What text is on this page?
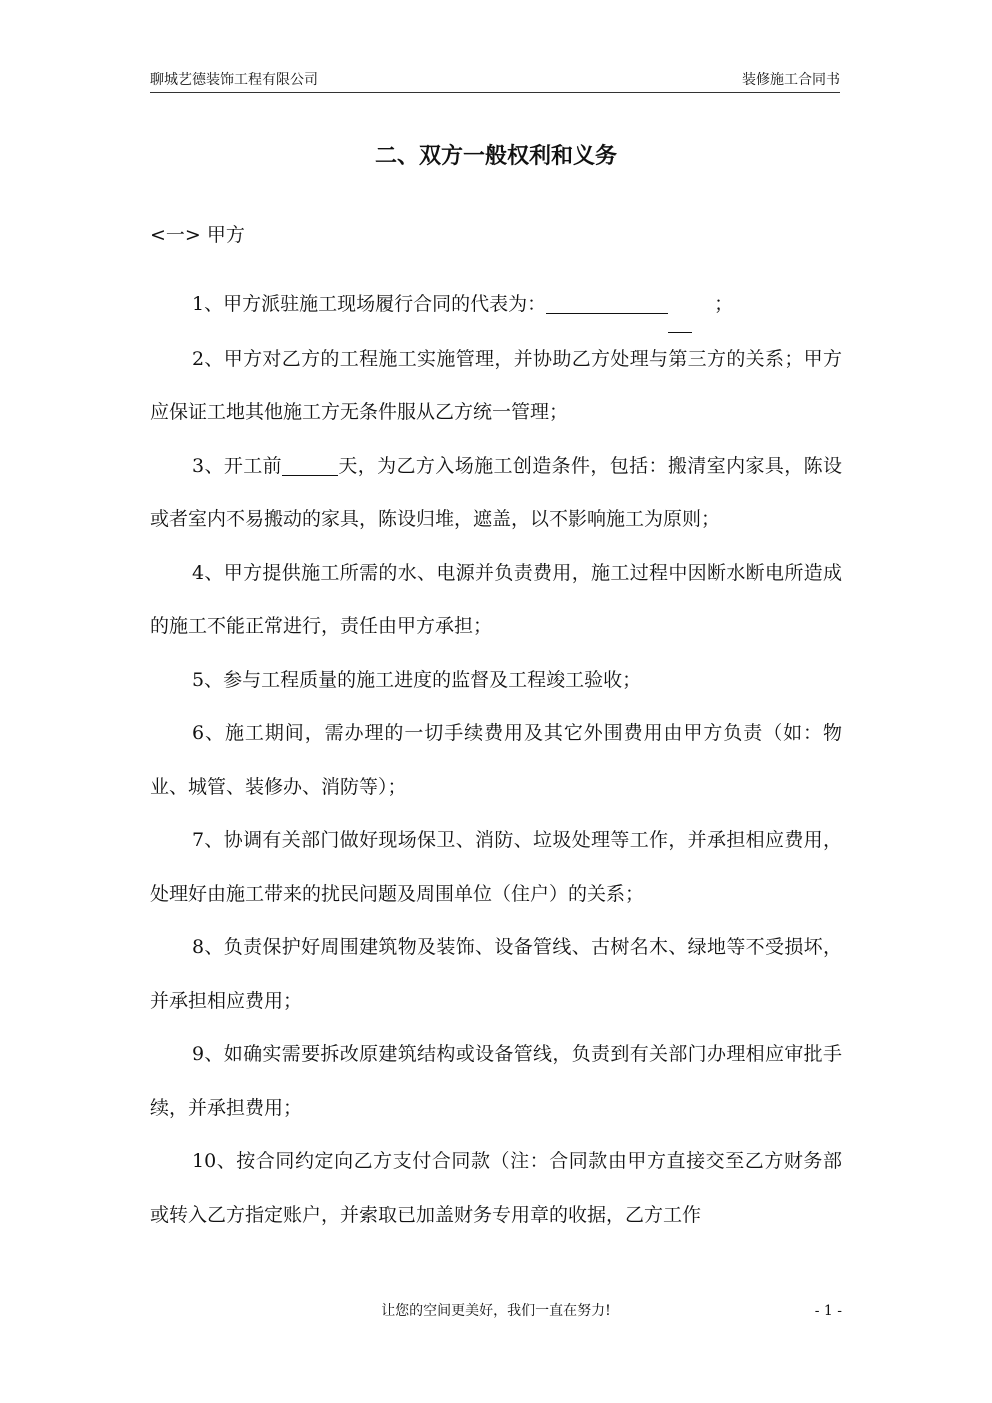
聊城艺德装饰工程有限公司	装修施工合同书
二、双方一般权利和义务
<一> 甲方

1、甲方派驻施工现场履行合同的代表为：	；

2、甲方对乙方的工程施工实施管理，并协助乙方处理与第三方的关系；甲方应保证工地其他施工方无条件服从乙方统一管理；

3、开工前	天，为乙方入场施工创造条件，包括：搬清室内家具，陈设或者室内不易搬动的家具，陈设归堆，遮盖，以不影响施工为原则；

4、甲方提供施工所需的水、电源并负责费用，施工过程中因断水断电所造成的施工不能正常进行，责任由甲方承担；

5、参与工程质量的施工进度的监督及工程竣工验收；

6、施工期间，需办理的一切手续费用及其它外围费用由甲方负责（如：物业、城管、装修办、消防等）；

7、协调有关部门做好现场保卫、消防、垃圾处理等工作，并承担相应费用，处理好由施工带来的扰民问题及周围单位（住户）的关系；

8、负责保护好周围建筑物及装饰、设备管线、古树名木、绿地等不受损坏，并承担相应费用；

9、如确实需要拆改原建筑结构或设备管线，负责到有关部门办理相应审批手续，并承担费用；

10、按合同约定向乙方支付合同款（注：合同款由甲方直接交至乙方财务部或转入乙方指定账户，并索取已加盖财务专用章的收据，乙方工作

让您的空间更美好，我们一直在努力!	- 1 -
